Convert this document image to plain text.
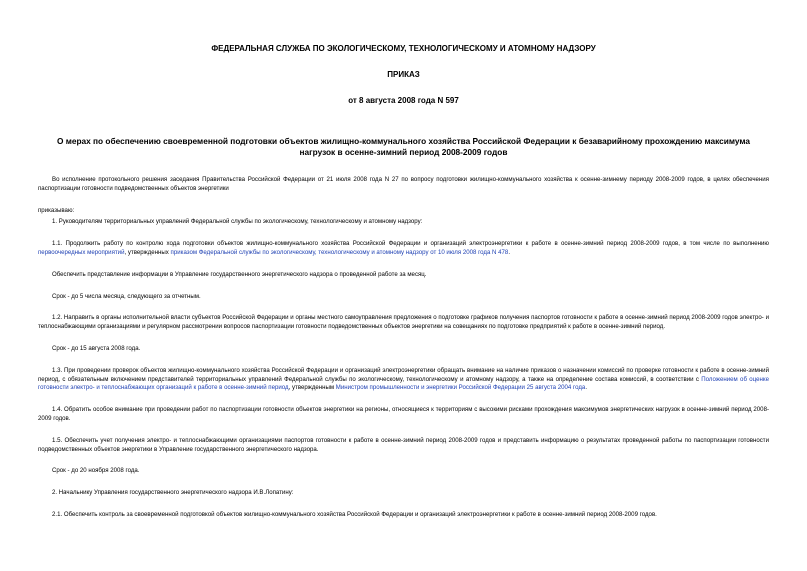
ФЕДЕРАЛЬНАЯ СЛУЖБА ПО ЭКОЛОГИЧЕСКОМУ, ТЕХНОЛОГИЧЕСКОМУ И АТОМНОМУ НАДЗОРУ

ПРИКАЗ

от 8 августа 2008 года N 597

О мерах по обеспечению своевременной подготовки объектов жилищно-коммунального хозяйства Российской Федерации к безаварийному прохождению максимума нагрузок в осенне-зимний период 2008-2009 годов

Во исполнение протокольного решения заседания Правительства Российской Федерации от 21 июля 2008 года N 27 по вопросу подготовки жилищно-коммунального хозяйства к осенне-зимнему периоду 2008-2009 годов, в целях обеспечения паспортизации готовности подведомственных объектов энергетики

приказываю:

1. Руководителям территориальных управлений Федеральной службы по экологическому, технологическому и атомному надзору:

1.1. Продолжить работу по контролю хода подготовки объектов жилищно-коммунального хозяйства Российской Федерации и организаций электроэнергетики к работе в осенне-зимний период 2008-2009 годов, в том числе по выполнению первоочередных мероприятий, утвержденных приказом Федеральной службы по экологическому, технологическому и атомному надзору от 10 июля 2008 года N 478.

Обеспечить представление информации в Управление государственного энергетического надзора о проведенной работе за месяц.

Срок - до 5 числа месяца, следующего за отчетным.

1.2. Направить в органы исполнительной власти субъектов Российской Федерации и органы местного самоуправления предложения о подготовке графиков получения паспортов готовности к работе в осенне-зимний период 2008-2009 годов электро- и теплоснабжающими организациями и регулярном рассмотрении вопросов паспортизации готовности подведомственных объектов энергетики на совещаниях по подготовке предприятий к работе в осенне-зимний период.

Срок - до 15 августа 2008 года.

1.3. При проведении проверок объектов жилищно-коммунального хозяйства Российской Федерации и организаций электроэнергетики обращать внимание на наличие приказов о назначении комиссий по проверке готовности к работе в осенне-зимний период, с обязательным включением представителей территориальных управлений Федеральной службы по экологическому, технологическому и атомному надзору, а также на определение состава комиссий, в соответствии с Положением об оценке готовности электро- и теплоснабжающих организаций к работе в осенне-зимний период, утвержденным Министром промышленности и энергетики Российской Федерации 25 августа 2004 года.

1.4. Обратить особое внимание при проведении работ по паспортизации готовности объектов энергетики на регионы, относящиеся к территориям с высокими рисками прохождения максимумов энергетических нагрузок в осенне-зимний период 2008-2009 годов.

1.5. Обеспечить учет получения электро- и теплоснабжающими организациями паспортов готовности к работе в осенне-зимний период 2008-2009 годов и представить информацию о результатах проведенной работы по паспортизации готовности подведомственных объектов энергетики в Управление государственного энергетического надзора.

Срок - до 20 ноября 2008 года.

2. Начальнику Управления государственного энергетического надзора И.В.Лопатину:

2.1. Обеспечить контроль за своевременной подготовкой объектов жилищно-коммунального хозяйства Российской Федерации и организаций электроэнергетики к работе в осенне-зимний период 2008-2009 годов.
